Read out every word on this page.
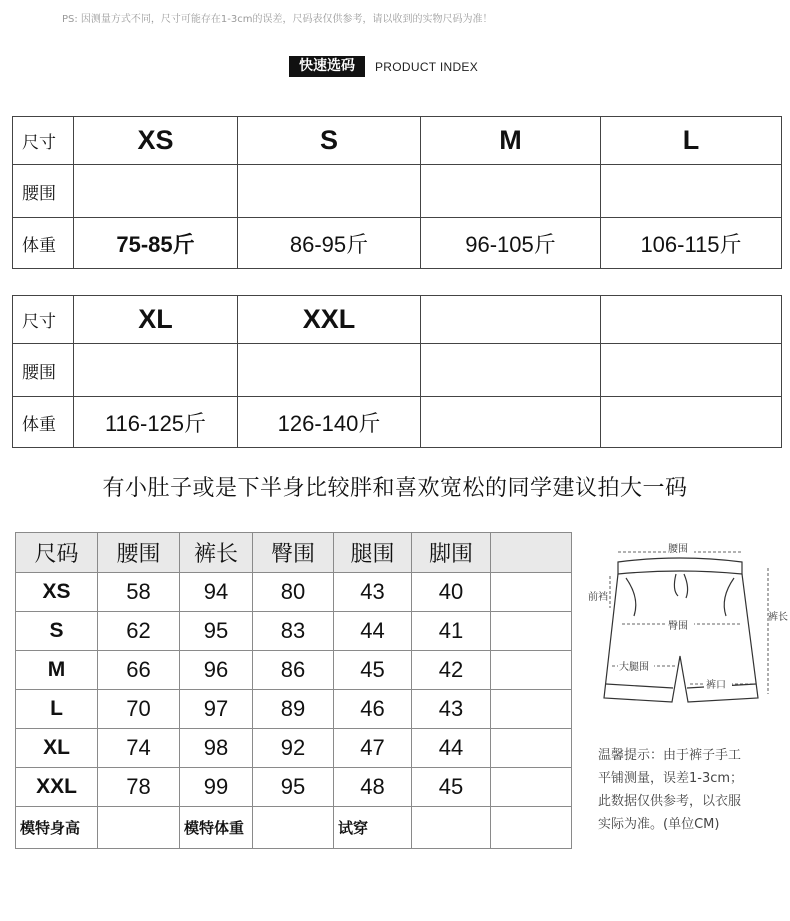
PS: 因测量方式不同，尺寸可能存在1-3cm的误差，尺码表仅供参考，请以收到的实物尺码为准！
快速选码	PRODUCT INDEX
尺寸	XS	S	M	L
腰围				
体重	75-85斤	86-95斤	96-105斤	106-115斤
尺寸	XL	XXL		
腰围				
体重	116-125斤	126-140斤		
有小肚子或是下半身比较胖和喜欢宽松的同学建议拍大一码
尺码	腰围	裤长	臀围	腿围	脚围	
XS	58	94	80	43	40	
S	62	95	83	44	41	
M	66	96	86	45	42	
L	70	97	89	46	43	
XL	74	98	92	47	44	
XXL	78	99	95	48	45	
模特身高		模特体重		试穿		
腰围
前裆
裤长
臀围
大腿围
裤口
温馨提示：由于裤子手工
平铺测量，误差1-3cm；
此数据仅供参考，以衣服
实际为准。(单位CM)
